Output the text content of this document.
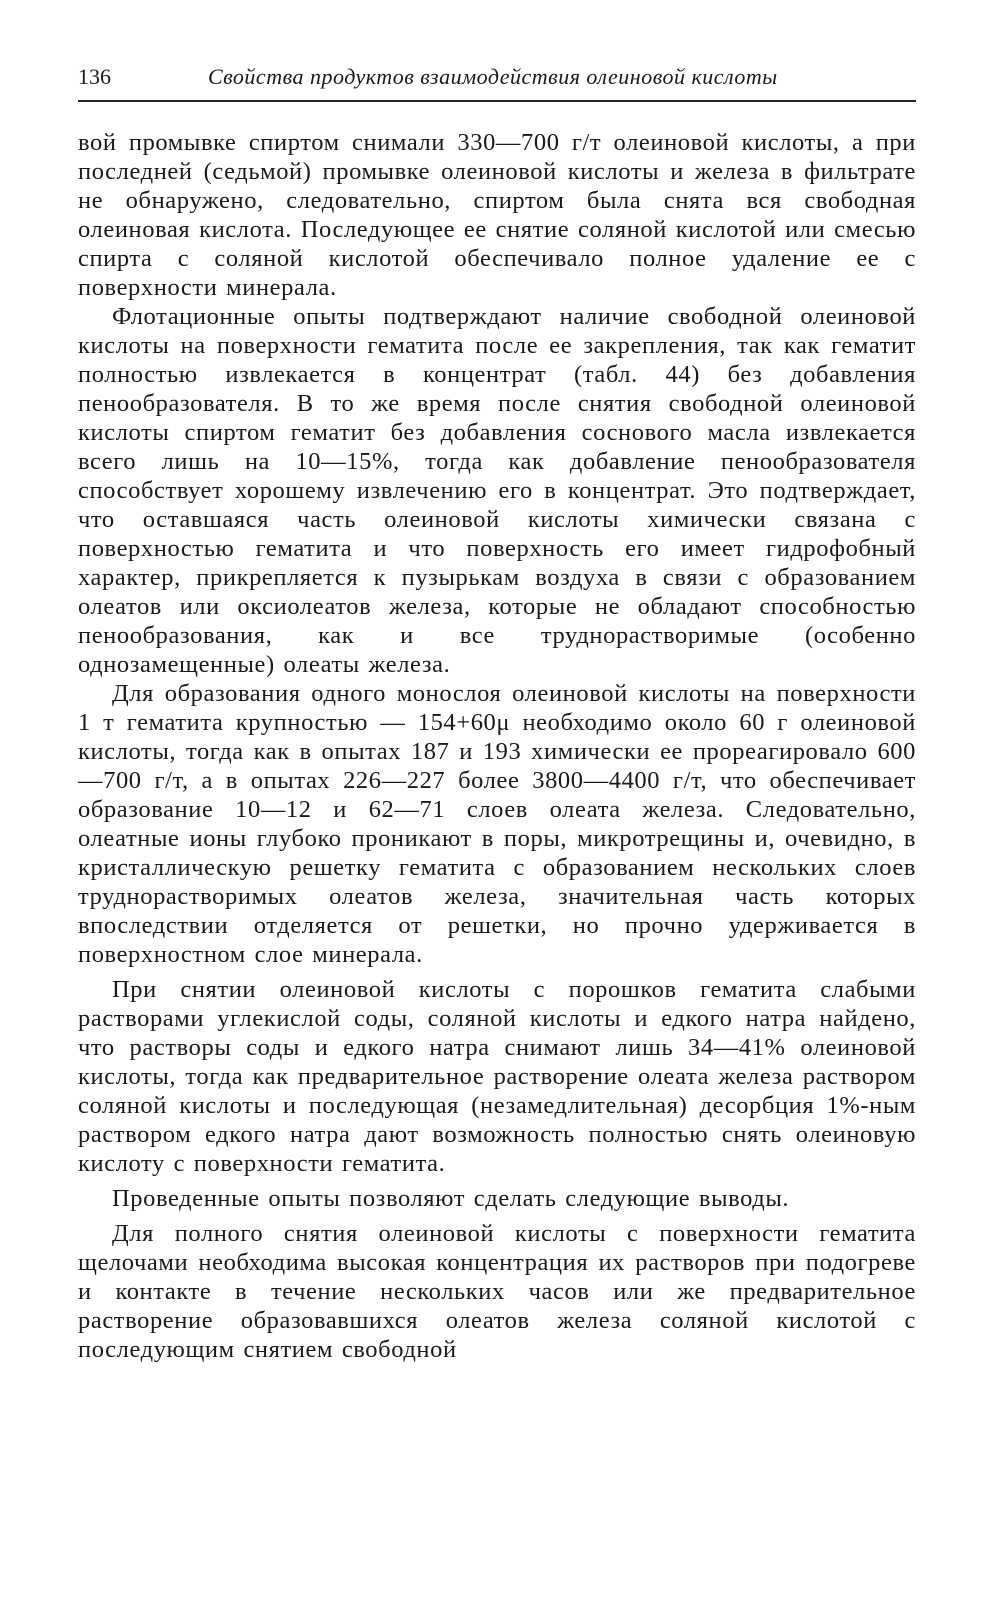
136	Свойства продуктов взаимодействия олеиновой кислоты

вой промывке спиртом снимали 330—700 г/т олеиновой кислоты, а при последней (седьмой) промывке олеиновой кислоты и железа в фильтрате не обнаружено, следовательно, спиртом была снята вся свободная олеиновая кислота. Последующее ее снятие соляной кислотой или смесью спирта с соляной кислотой обеспечивало полное удаление ее с поверхности минерала.

Флотационные опыты подтверждают наличие свободной олеиновой кислоты на поверхности гематита после ее закрепления, так как гематит полностью извлекается в концентрат (табл. 44) без добавления пенообразователя. В то же время после снятия свободной олеиновой кислоты спиртом гематит без добавления соснового масла извлекается всего лишь на 10—15%, тогда как добавление пенообразователя способствует хорошему извлечению его в концентрат. Это подтверждает, что оставшаяся часть олеиновой кислоты химически связана с поверхностью гематита и что поверхность его имеет гидрофобный характер, прикрепляется к пузырькам воздуха в связи с образованием олеатов или оксиолеатов железа, которые не обладают способностью пенообразования, как и все труднорастворимые (особенно однозамещенные) олеаты железа.

Для образования одного монослоя олеиновой кислоты на поверхности 1 т гематита крупностью — 154+60μ необходимо около 60 г олеиновой кислоты, тогда как в опытах 187 и 193 химически ее прореагировало 600—700 г/т, а в опытах 226—227 более 3800—4400 г/т, что обеспечивает образование 10—12 и 62—71 слоев олеата железа. Следовательно, олеатные ионы глубоко проникают в поры, микротрещины и, очевидно, в кристаллическую решетку гематита с образованием нескольких слоев труднорастворимых олеатов железа, значительная часть которых впоследствии отделяется от решетки, но прочно удерживается в поверхностном слое минерала.

При снятии олеиновой кислоты с порошков гематита слабыми растворами углекислой соды, соляной кислоты и едкого натра найдено, что растворы соды и едкого натра снимают лишь 34—41% олеиновой кислоты, тогда как предварительное растворение олеата железа раствором соляной кислоты и последующая (незамедлительная) десорбция 1%-ным раствором едкого натра дают возможность полностью снять олеиновую кислоту с поверхности гематита.

Проведенные опыты позволяют сделать следующие выводы.

Для полного снятия олеиновой кислоты с поверхности гематита щелочами необходима высокая концентрация их растворов при подогреве и контакте в течение нескольких часов или же предварительное растворение образовавшихся олеатов железа соляной кислотой с последующим снятием свободной
